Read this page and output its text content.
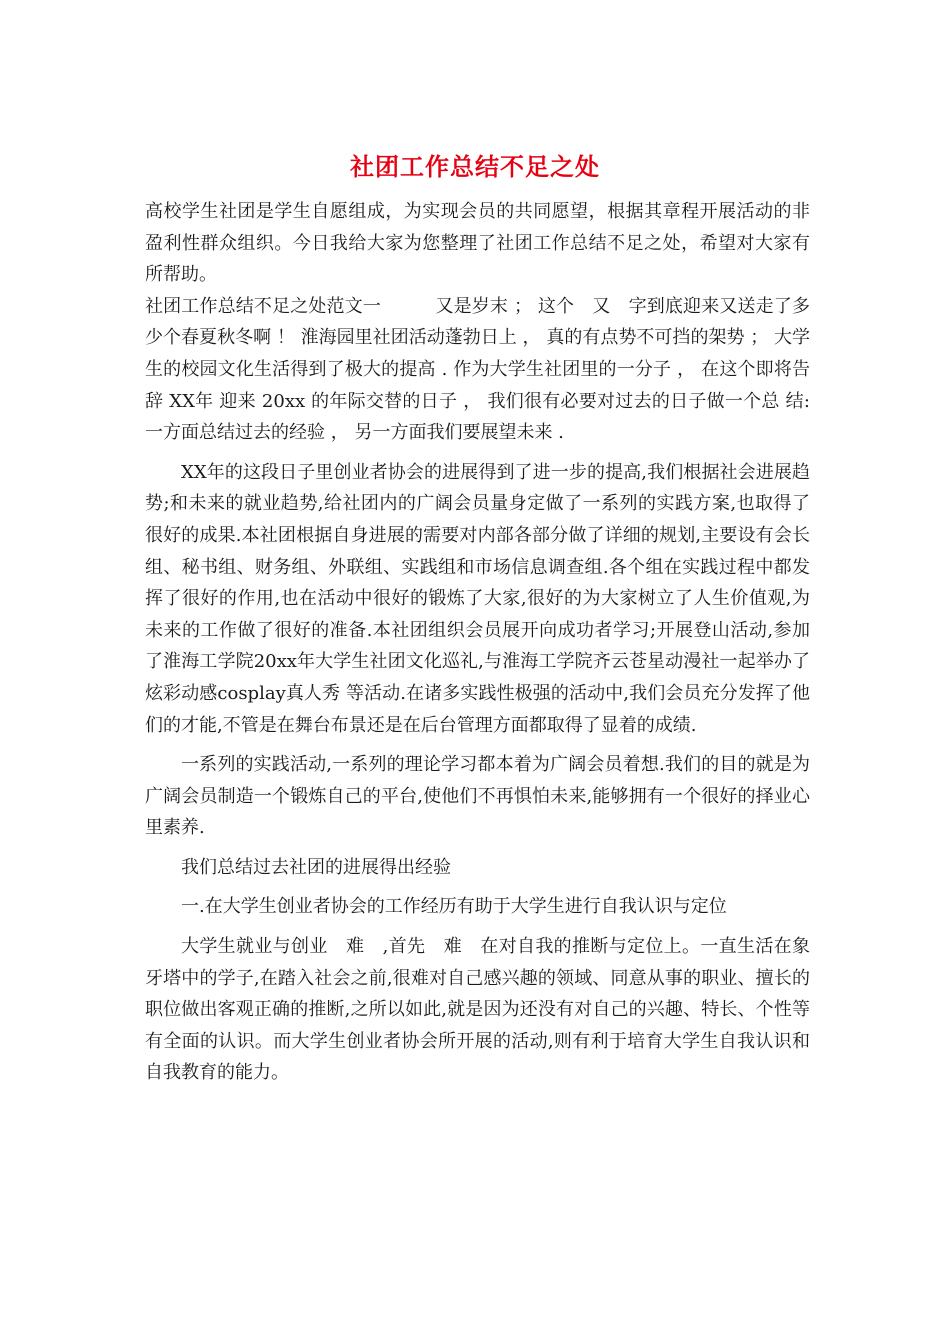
社团工作总结不足之处

高校学生社团是学生自愿组成，为实现会员的共同愿望，根据其章程开展活动的非盈利性群众组织。今日我给大家为您整理了社团工作总结不足之处，希望对大家有所帮助。

社团工作总结不足之处范文一　　　又是岁末 ； 这个　又　字到底迎来又送走了多少个春夏秋冬啊 ！ 淮海园里社团活动蓬勃日上 ， 真的有点势不可挡的架势 ； 大学生的校园文化生活得到了极大的提高 . 作为大学生社团里的一分子 ， 在这个即将告辞 XX年 迎来 20xx 的年际交替的日子 ， 我们很有必要对过去的日子做一个总 结: 一方面总结过去的经验 ， 另一方面我们要展望未来 .

XX年的这段日子里创业者协会的进展得到了进一步的提高,我们根据社会进展趋势;和未来的就业趋势,给社团内的广阔会员量身定做了一系列的实践方案,也取得了很好的成果.本社团根据自身进展的需要对内部各部分做了详细的规划,主要设有会长组、秘书组、财务组、外联组、实践组和市场信息调查组.各个组在实践过程中都发挥了很好的作用,也在活动中很好的锻炼了大家,很好的为大家树立了人生价值观,为未来的工作做了很好的准备.本社团组织会员展开向成功者学习;开展登山活动,参加了淮海工学院20xx年大学生社团文化巡礼,与淮海工学院齐云苍星动漫社一起举办了 炫彩动感cosplay真人秀 等活动.在诸多实践性极强的活动中,我们会员充分发挥了他们的才能,不管是在舞台布景还是在后台管理方面都取得了显着的成绩.

一系列的实践活动,一系列的理论学习都本着为广阔会员着想.我们的目的就是为广阔会员制造一个锻炼自己的平台,使他们不再惧怕未来,能够拥有一个很好的择业心里素养.

我们总结过去社团的进展得出经验

一.在大学生创业者协会的工作经历有助于大学生进行自我认识与定位

大学生就业与创业　难　,首先　难　在对自我的推断与定位上。一直生活在象牙塔中的学子,在踏入社会之前,很难对自己感兴趣的领域、同意从事的职业、擅长的职位做出客观正确的推断,之所以如此,就是因为还没有对自己的兴趣、特长、个性等有全面的认识。而大学生创业者协会所开展的活动,则有利于培育大学生自我认识和自我教育的能力。
